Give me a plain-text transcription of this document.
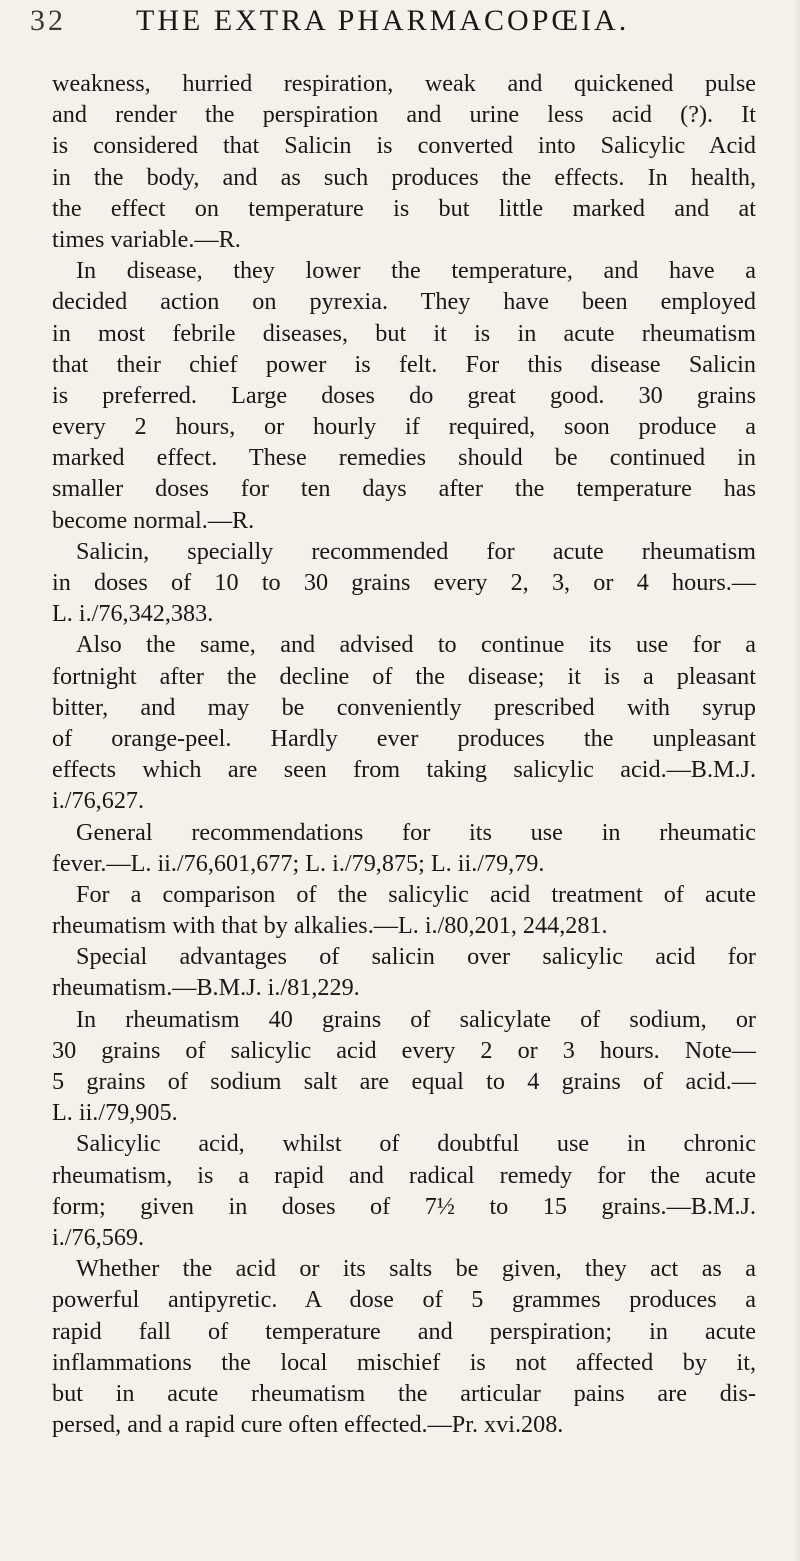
32 THE EXTRA PHARMACOPŒIA.
weakness, hurried respiration, weak and quickened pulse
and render the perspiration and urine less acid (?). It
is considered that Salicin is converted into Salicylic Acid
in the body, and as such produces the effects. In health,
the effect on temperature is but little marked and at
times variable.—R.
In disease, they lower the temperature, and have a
decided action on pyrexia. They have been employed
in most febrile diseases, but it is in acute rheumatism
that their chief power is felt. For this disease Salicin
is preferred. Large doses do great good. 30 grains
every 2 hours, or hourly if required, soon produce a
marked effect. These remedies should be continued in
smaller doses for ten days after the temperature has
become normal.—R.
Salicin, specially recommended for acute rheumatism
in doses of 10 to 30 grains every 2, 3, or 4 hours.—
L. i./76,342,383.
Also the same, and advised to continue its use for a
fortnight after the decline of the disease; it is a pleasant
bitter, and may be conveniently prescribed with syrup
of orange-peel. Hardly ever produces the unpleasant
effects which are seen from taking salicylic acid.—B.M.J.
i./76,627.
General recommendations for its use in rheumatic
fever.—L. ii./76,601,677; L. i./79,875; L. ii./79,79.
For a comparison of the salicylic acid treatment of acute
rheumatism with that by alkalies.—L. i./80,201, 244,281.
Special advantages of salicin over salicylic acid for
rheumatism.—B.M.J. i./81,229.
In rheumatism 40 grains of salicylate of sodium, or
30 grains of salicylic acid every 2 or 3 hours. Note—
5 grains of sodium salt are equal to 4 grains of acid.—
L. ii./79,905.
Salicylic acid, whilst of doubtful use in chronic
rheumatism, is a rapid and radical remedy for the acute
form; given in doses of 7½ to 15 grains.—B.M.J.
i./76,569.
Whether the acid or its salts be given, they act as a
powerful antipyretic. A dose of 5 grammes produces a
rapid fall of temperature and perspiration; in acute
inflammations the local mischief is not affected by it,
but in acute rheumatism the articular pains are dis-
persed, and a rapid cure often effected.—Pr. xvi.208.
